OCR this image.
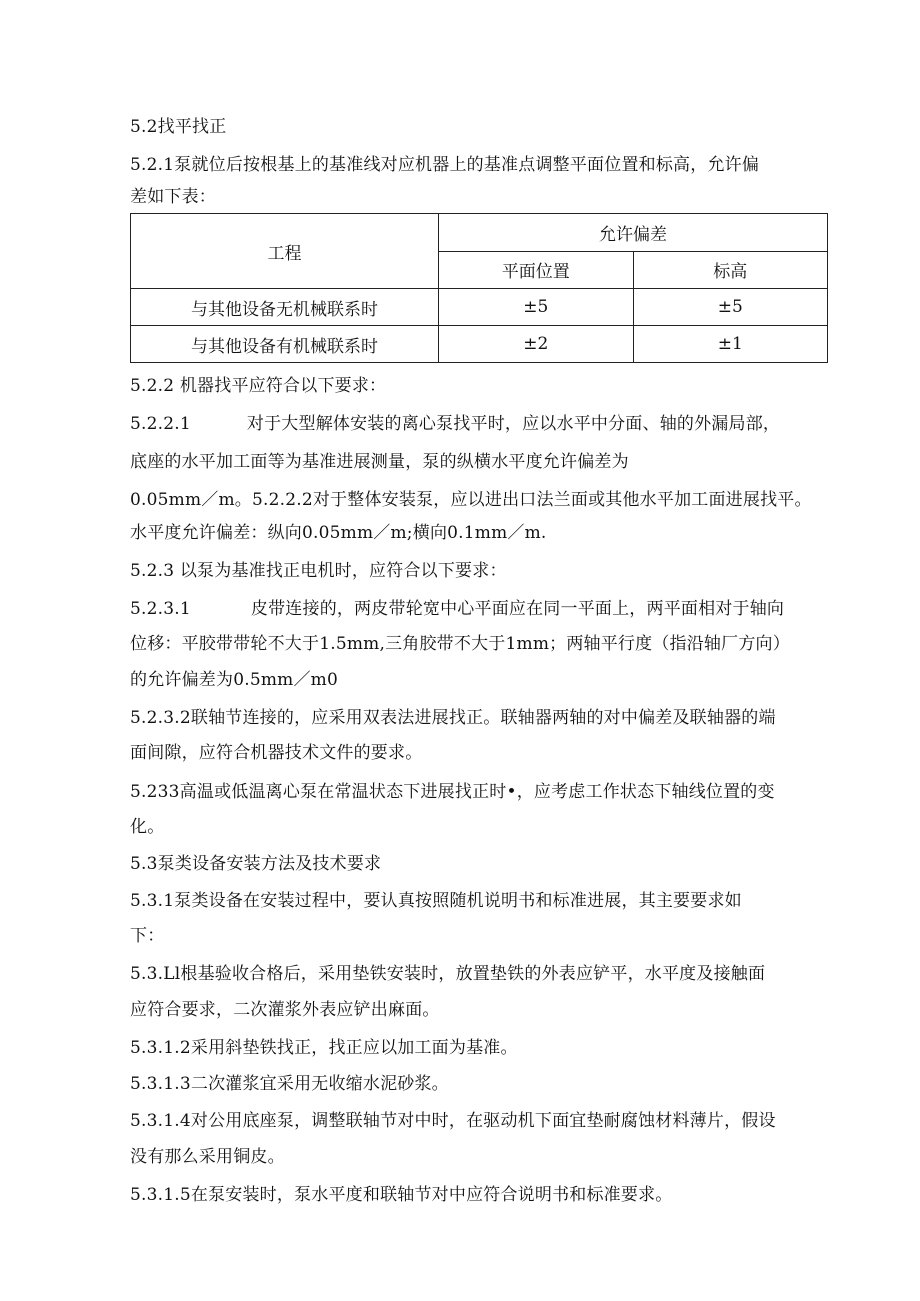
5.2找平找正
5.2.1泵就位后按根基上的基准线对应机器上的基准点调整平面位置和标高，允许偏
差如下表：
工程	允许偏差	
	平面位置	标高
与其他设备无机械联系时	±5	±5
与其他设备有机械联系时	±2	±1
5.2.2 机器找平应符合以下要求：
5.2.2.1	对于大型解体安装的离心泵找平时，应以水平中分面、轴的外漏局部，
底座的水平加工面等为基准进展测量，泵的纵横水平度允许偏差为
0.05mm／m。5.2.2.2对于整体安装泵，应以进出口法兰面或其他水平加工面进展找平。
水平度允许偏差：纵向0.05mm／m;横向0.1mm／m.
5.2.3 以泵为基准找正电机时，应符合以下要求：
5.2.3.1	皮带连接的，两皮带轮宽中心平面应在同一平面上，两平面相对于轴向
位移：平胶带带轮不大于1.5mm,三角胶带不大于1mm；两轴平行度（指沿轴厂方向）
的允许偏差为0.5mm／m0
5.2.3.2联轴节连接的，应采用双表法进展找正。联轴器两轴的对中偏差及联轴器的端
面间隙，应符合机器技术文件的要求。
5.233高温或低温离心泵在常温状态下进展找正时•，应考虑工作状态下轴线位置的变
化。
5.3泵类设备安装方法及技术要求
5.3.1泵类设备在安装过程中，要认真按照随机说明书和标准进展，其主要要求如
下：
5.3.Ll根基验收合格后，采用垫铁安装时，放置垫铁的外表应铲平，水平度及接触面
应符合要求，二次灌浆外表应铲出麻面。
5.3.1.2采用斜垫铁找正，找正应以加工面为基准。
5.3.1.3二次灌浆宜采用无收缩水泥砂浆。
5.3.1.4对公用底座泵，调整联轴节对中时，在驱动机下面宜垫耐腐蚀材料薄片，假设
没有那么采用铜皮。
5.3.1.5在泵安装时，泵水平度和联轴节对中应符合说明书和标准要求。
